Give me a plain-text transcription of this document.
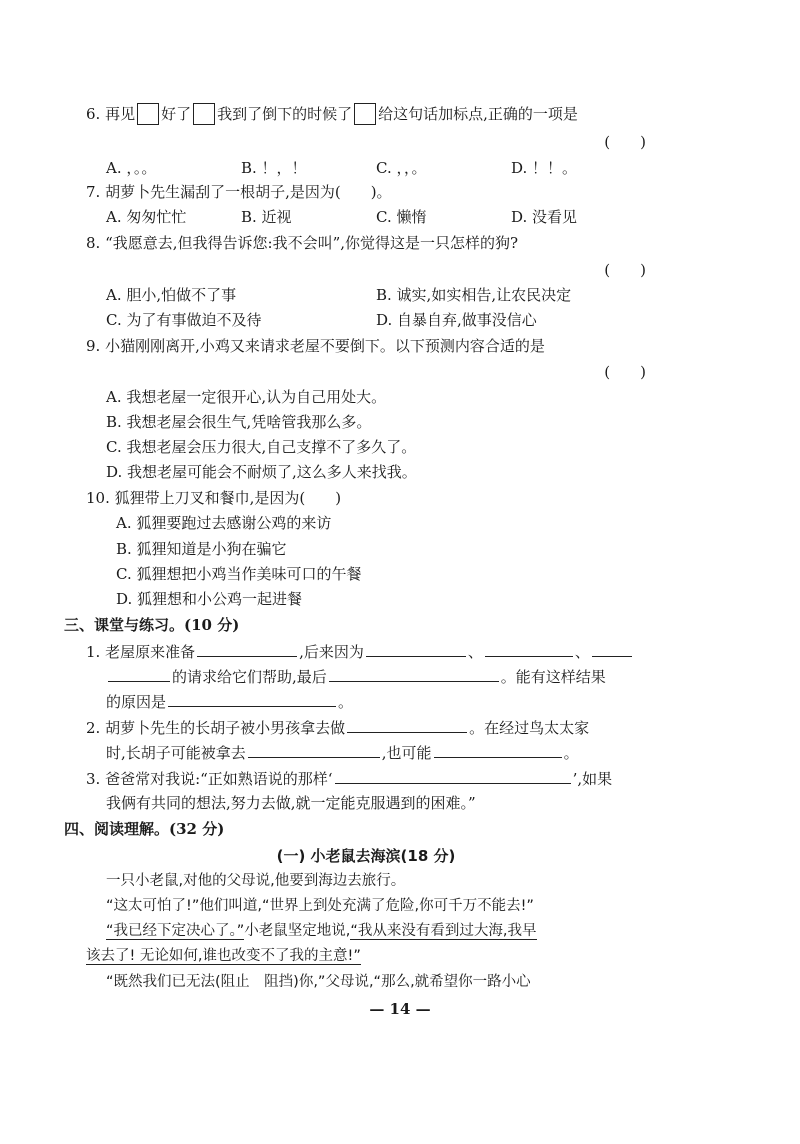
6. 再见 好了 我到了倒下的时候了 给这句话加标点,正确的一项是
(　　)
A. ，。。	B. ！，！	C. ，，。	D. ！！。
7. 胡萝卜先生漏刮了一根胡子,是因为(　　)。
A. 匆匆忙忙	B. 近视	C. 懒惰	D. 没看见
8. “我愿意去,但我得告诉您:我不会叫”,你觉得这是一只怎样的狗?
(　　)
A. 胆小,怕做不了事	B. 诚实,如实相告,让农民决定
C. 为了有事做迫不及待	D. 自暴自弃,做事没信心
9. 小猫刚刚离开,小鸡又来请求老屋不要倒下。以下预测内容合适的是
(　　)
A. 我想老屋一定很开心,认为自己用处大。
B. 我想老屋会很生气,凭啥管我那么多。
C. 我想老屋会压力很大,自己支撑不了多久了。
D. 我想老屋可能会不耐烦了,这么多人来找我。
10. 狐狸带上刀叉和餐巾,是因为(　　)
A. 狐狸要跑过去感谢公鸡的来访
B. 狐狸知道是小狗在骗它
C. 狐狸想把小鸡当作美味可口的午餐
D. 狐狸想和小公鸡一起进餐
三、课堂与练习。(10 分)
1. 老屋原来准备	,后来因为	、	、
的请求给它们帮助,最后	。能有这样结果
的原因是	。
2. 胡萝卜先生的长胡子被小男孩拿去做	。在经过鸟太太家
时,长胡子可能被拿去	,也可能	。
3. 爸爸常对我说:“正如熟语说的那样‘	’,如果
我俩有共同的想法,努力去做,就一定能克服遇到的困难。”
四、阅读理解。(32 分)
(一) 小老鼠去海滨(18 分)
一只小老鼠,对他的父母说,他要到海边去旅行。
“这太可怕了!”他们叫道,“世界上到处充满了危险,你可千万不能去!”
“我已经下定决心了。”小老鼠坚定地说,“我从来没有看到过大海,我早
该去了! 无论如何,谁也改变不了我的主意!”
“既然我们已无法(阻止　阻挡)你,”父母说,“那么,就希望你一路小心
— 14 —
